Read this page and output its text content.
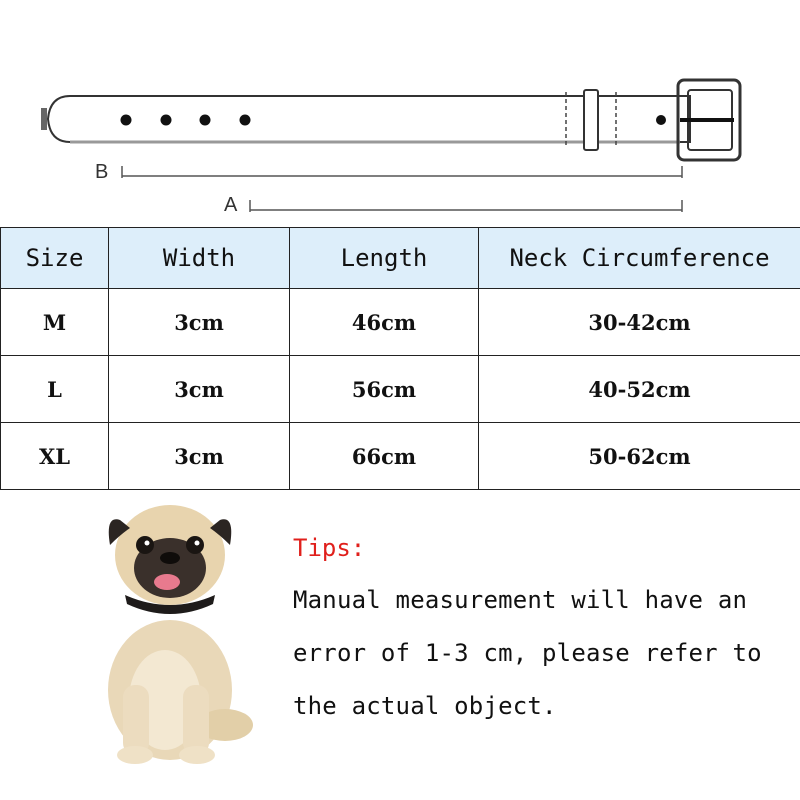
B
A
Size	Width	Length	Neck Circumference
M	3cm	46cm	30-42cm
L	3cm	56cm	40-52cm
XL	3cm	66cm	50-62cm
Tips:
Manual measurement will have an
error of 1-3 cm, please refer to
the actual object.
